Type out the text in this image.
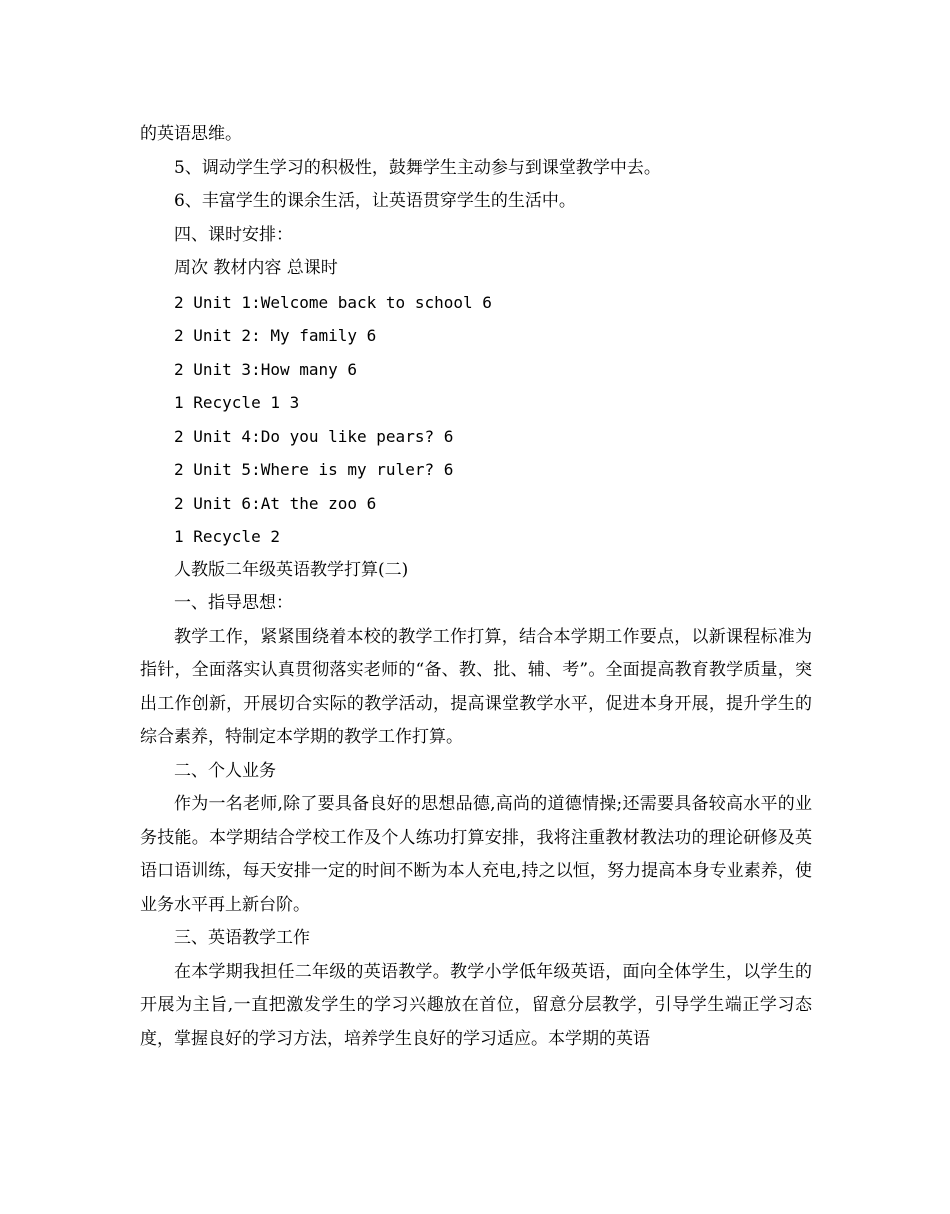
的英语思维。
5、调动学生学习的积极性，鼓舞学生主动参与到课堂教学中去。
6、丰富学生的课余生活，让英语贯穿学生的生活中。
四、课时安排：
周次 教材内容 总课时
2 Unit 1:Welcome back to school 6
2 Unit 2: My family 6
2 Unit 3:How many 6
1 Recycle 1 3
2 Unit 4:Do you like pears? 6
2 Unit 5:Where is my ruler? 6
2 Unit 6:At the zoo 6
1 Recycle 2
人教版二年级英语教学打算(二)
一、指导思想：

教学工作，紧紧围绕着本校的教学工作打算，结合本学期工作要点，以新课程标准为指针，全面落实认真贯彻落实老师的“备、教、批、辅、考”。全面提高教育教学质量，突出工作创新，开展切合实际的教学活动，提高课堂教学水平，促进本身开展，提升学生的综合素养，特制定本学期的教学工作打算。

二、个人业务

作为一名老师,除了要具备良好的思想品德,高尚的道德情操;还需要具备较高水平的业务技能。本学期结合学校工作及个人练功打算安排，我将注重教材教法功的理论研修及英语口语训练，每天安排一定的时间不断为本人充电,持之以恒，努力提高本身专业素养，使业务水平再上新台阶。

三、英语教学工作

在本学期我担任二年级的英语教学。教学小学低年级英语，面向全体学生，以学生的开展为主旨,一直把激发学生的学习兴趣放在首位，留意分层教学，引导学生端正学习态度，掌握良好的学习方法，培养学生良好的学习适应。本学期的英语
